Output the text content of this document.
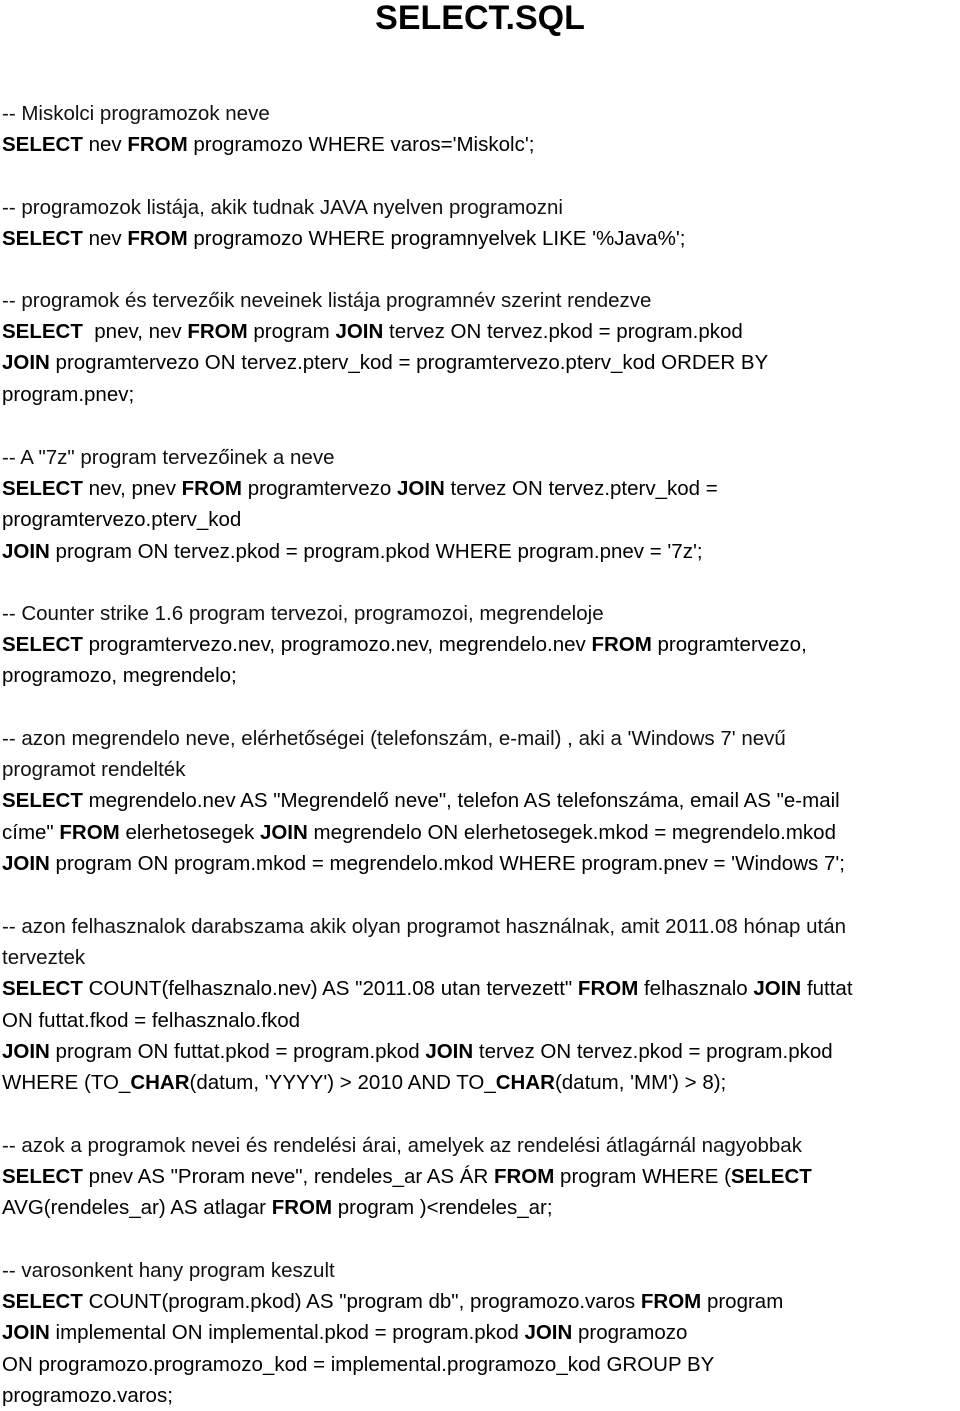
SELECT.SQL
-- Miskolci programozok neve
SELECT nev FROM programozo WHERE varos='Miskolc';
-- programozok listája, akik tudnak JAVA nyelven programozni
SELECT nev FROM programozo WHERE programnyelvek LIKE '%Java%';
-- programok és tervezőik neveinek listája programnév szerint rendezve
SELECT  pnev, nev FROM program JOIN tervez ON tervez.pkod = program.pkod
JOIN programtervezo ON tervez.pterv_kod = programtervezo.pterv_kod ORDER BY
program.pnev;
-- A "7z" program tervezőinek a neve
SELECT nev, pnev FROM programtervezo JOIN tervez ON tervez.pterv_kod =
programtervezo.pterv_kod
JOIN program ON tervez.pkod = program.pkod WHERE program.pnev = '7z';
-- Counter strike 1.6 program tervezoi, programozoi, megrendeloje
SELECT programtervezo.nev, programozo.nev, megrendelo.nev FROM programtervezo,
programozo, megrendelo;
-- azon megrendelo neve, elérhetőségei (telefonszám, e-mail) , aki a 'Windows 7' nevű
programot rendelték
SELECT megrendelo.nev AS "Megrendelő neve", telefon AS telefonszáma, email AS "e-mail
címe" FROM elerhetosegek JOIN megrendelo ON elerhetosegek.mkod = megrendelo.mkod
JOIN program ON program.mkod = megrendelo.mkod WHERE program.pnev = 'Windows 7';
-- azon felhasznalok darabszama akik olyan programot használnak, amit 2011.08 hónap után
terveztek
SELECT COUNT(felhasznalo.nev) AS "2011.08 utan tervezett" FROM felhasznalo JOIN futtat
ON futtat.fkod = felhasznalo.fkod
JOIN program ON futtat.pkod = program.pkod JOIN tervez ON tervez.pkod = program.pkod
WHERE (TO_CHAR(datum, 'YYYY') > 2010 AND TO_CHAR(datum, 'MM') > 8);
-- azok a programok nevei és rendelési árai, amelyek az rendelési átlagárnál nagyobbak
SELECT pnev AS "Proram neve", rendeles_ar AS ÁR FROM program WHERE (SELECT
AVG(rendeles_ar) AS atlagar FROM program )<rendeles_ar;
-- varosonkent hany program keszult
SELECT COUNT(program.pkod) AS "program db", programozo.varos FROM program
JOIN implemental ON implemental.pkod = program.pkod JOIN programozo
ON programozo.programozo_kod = implemental.programozo_kod GROUP BY
programozo.varos;
